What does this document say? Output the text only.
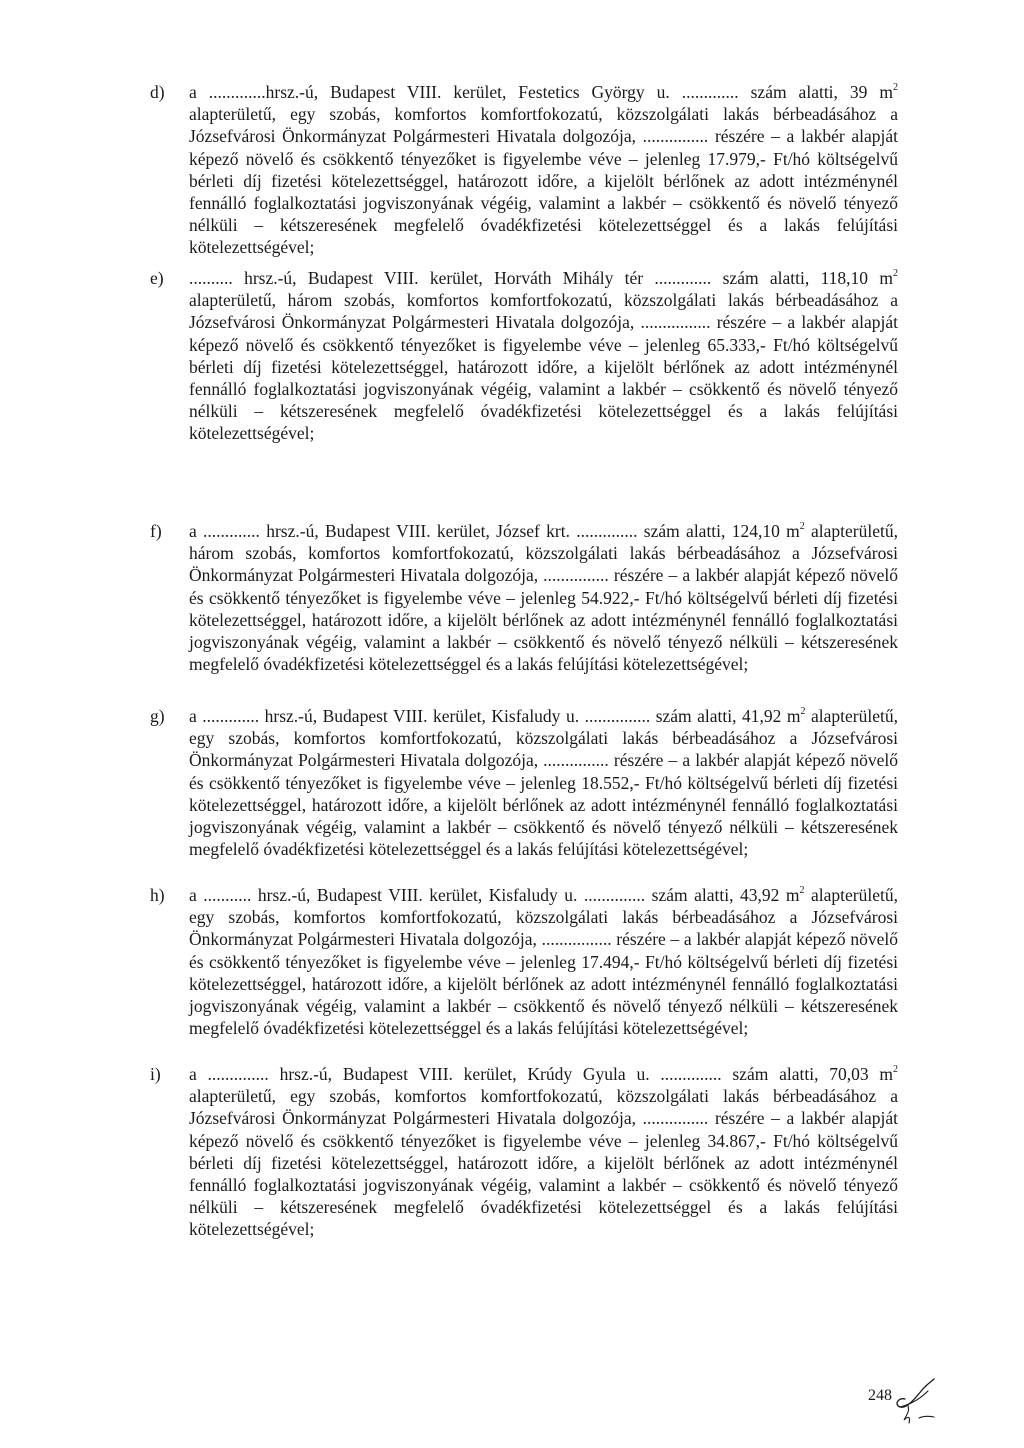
d) a .............hrsz.-ú, Budapest VIII. kerület, Festetics György u. ............. szám alatti, 39 $m^2$ alapterületű, egy szobás, komfortos komfortfokozatú, közszolgálati lakás bérbeadásához a Józsefvárosi Önkormányzat Polgármesteri Hivatala dolgozója, ............... részére – a lakbér alapját képező növelő és csökkentő tényezőket is figyelembe véve – jelenleg 17.979,- Ft/hó költségelvű bérleti díj fizetési kötelezettséggel, határozott időre, a kijelölt bérlőnek az adott intézménynél fennálló foglalkoztatási jogviszonyának végéig, valamint a lakbér – csökkentő és növelő tényező nélküli – kétszeresének megfelelő óvadékfizetési kötelezettséggel és a lakás felújítási kötelezettségével;
e) .......... hrsz.-ú, Budapest VIII. kerület, Horváth Mihály tér ............. szám alatti, 118,10 $m^2$ alapterületű, három szobás, komfortos komfortfokozatú, közszolgálati lakás bérbeadásához a Józsefvárosi Önkormányzat Polgármesteri Hivatala dolgozója, ................ részére – a lakbér alapját képező növelő és csökkentő tényezőket is figyelembe véve – jelenleg 65.333,- Ft/hó költségelvű bérleti díj fizetési kötelezettséggel, határozott időre, a kijelölt bérlőnek az adott intézménynél fennálló foglalkoztatási jogviszonyának végéig, valamint a lakbér – csökkentő és növelő tényező nélküli – kétszeresének megfelelő óvadékfizetési kötelezettséggel és a lakás felújítási kötelezettségével;
f) a ............. hrsz.-ú, Budapest VIII. kerület, József krt. .............. szám alatti, 124,10 $m^2$ alapterületű, három szobás, komfortos komfortfokozatú, közszolgálati lakás bérbeadásához a Józsefvárosi Önkormányzat Polgármesteri Hivatala dolgozója, ............... részére – a lakbér alapját képező növelő és csökkentő tényezőket is figyelembe véve – jelenleg 54.922,- Ft/hó költségelvű bérleti díj fizetési kötelezettséggel, határozott időre, a kijelölt bérlőnek az adott intézménynél fennálló foglalkoztatási jogviszonyának végéig, valamint a lakbér – csökkentő és növelő tényező nélküli – kétszeresének megfelelő óvadékfizetési kötelezettséggel és a lakás felújítási kötelezettségével;
g) a ............. hrsz.-ú, Budapest VIII. kerület, Kisfaludy u. ............... szám alatti, 41,92 $m^2$ alapterületű, egy szobás, komfortos komfortfokozatú, közszolgálati lakás bérbeadásához a Józsefvárosi Önkormányzat Polgármesteri Hivatala dolgozója, ............... részére – a lakbér alapját képező növelő és csökkentő tényezőket is figyelembe véve – jelenleg 18.552,- Ft/hó költségelvű bérleti díj fizetési kötelezettséggel, határozott időre, a kijelölt bérlőnek az adott intézménynél fennálló foglalkoztatási jogviszonyának végéig, valamint a lakbér – csökkentő és növelő tényező nélküli – kétszeresének megfelelő óvadékfizetési kötelezettséggel és a lakás felújítási kötelezettségével;
h) a ........... hrsz.-ú, Budapest VIII. kerület, Kisfaludy u. .............. szám alatti, 43,92 $m^2$ alapterületű, egy szobás, komfortos komfortfokozatú, közszolgálati lakás bérbeadásához a Józsefvárosi Önkormányzat Polgármesteri Hivatala dolgozója, ................ részére – a lakbér alapját képező növelő és csökkentő tényezőket is figyelembe véve – jelenleg 17.494,- Ft/hó költségelvű bérleti díj fizetési kötelezettséggel, határozott időre, a kijelölt bérlőnek az adott intézménynél fennálló foglalkoztatási jogviszonyának végéig, valamint a lakbér – csökkentő és növelő tényező nélküli – kétszeresének megfelelő óvadékfizetési kötelezettséggel és a lakás felújítási kötelezettségével;
i) a .............. hrsz.-ú, Budapest VIII. kerület, Krúdy Gyula u. .............. szám alatti, 70,03 $m^2$ alapterületű, egy szobás, komfortos komfortfokozatú, közszolgálati lakás bérbeadásához a Józsefvárosi Önkormányzat Polgármesteri Hivatala dolgozója, ............... részére – a lakbér alapját képező növelő és csökkentő tényezőket is figyelembe véve – jelenleg 34.867,- Ft/hó költségelvű bérleti díj fizetési kötelezettséggel, határozott időre, a kijelölt bérlőnek az adott intézménynél fennálló foglalkoztatási jogviszonyának végéig, valamint a lakbér – csökkentő és növelő tényező nélküli – kétszeresének megfelelő óvadékfizetési kötelezettséggel és a lakás felújítási kötelezettségével;
248
